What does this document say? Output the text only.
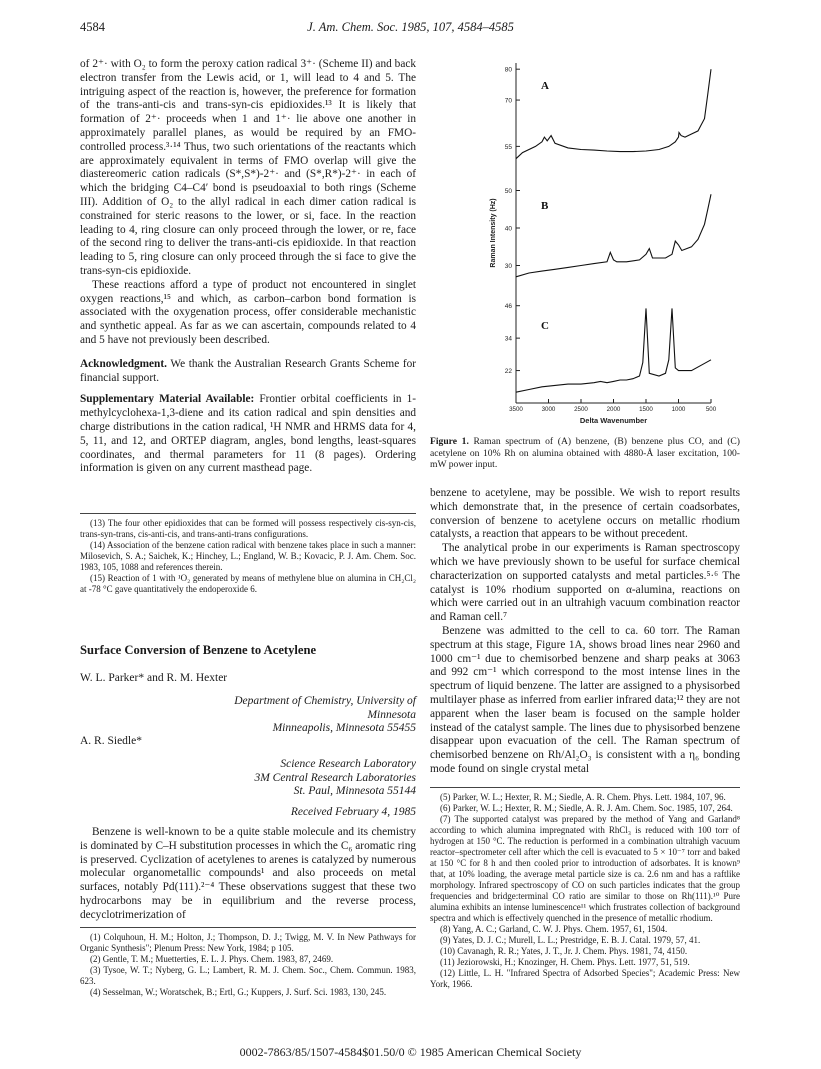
4584	J. Am. Chem. Soc. 1985, 107, 4584–4585

of 2⁺· with O₂ to form the peroxy cation radical 3⁺· (Scheme II) and back electron transfer from the Lewis acid, or 1, will lead to 4 and 5. The intriguing aspect of the reaction is, however, the preference for formation of the trans-anti-cis and trans-syn-cis epidioxides.¹³ It is likely that formation of 2⁺· proceeds when 1 and 1⁺· lie above one another in approximately parallel planes, as would be required by an FMO-controlled process.³·¹⁴ Thus, two such orientations of the reactants which are approximately equivalent in terms of FMO overlap will give the diastereomeric cation radicals (S*,S*)-2⁺· and (S*,R*)-2⁺· in each of which the bridging C4–C4′ bond is pseudoaxial to both rings (Scheme III). Addition of O₂ to the allyl radical in each dimer cation radical is constrained for steric reasons to the lower, or si, face. In the reaction leading to 4, ring closure can only proceed through the lower, or re, face of the second ring to deliver the trans-anti-cis epidioxide. In that reaction leading to 5, ring closure can only proceed through the si face to give the trans-syn-cis epidioxide.

These reactions afford a type of product not encountered in singlet oxygen reactions,¹⁵ and which, as carbon–carbon bond formation is associated with the oxygenation process, offer considerable mechanistic and synthetic appeal. As far as we can ascertain, compounds related to 4 and 5 have not previously been described.

Acknowledgment. We thank the Australian Research Grants Scheme for financial support.

Supplementary Material Available: Frontier orbital coefficients in 1-methylcyclohexa-1,3-diene and its cation radical and spin densities and charge distributions in the cation radical, ¹H NMR and HRMS data for 4, 5, 11, and 12, and ORTEP diagram, angles, bond lengths, least-squares coordinates, and thermal parameters for 11 (8 pages). Ordering information is given on any current masthead page.

(13) The four other epidioxides that can be formed will possess respectively cis-syn-cis, trans-syn-trans, cis-anti-cis, and trans-anti-trans configurations.

(14) Association of the benzene cation radical with benzene takes place in such a manner: Milosevich, S. A.; Saichek, K.; Hinchey, L.; England, W. B.; Kovacic, P. J. Am. Chem. Soc. 1983, 105, 1088 and references therein.

(15) Reaction of 1 with ¹O₂ generated by means of methylene blue on alumina in CH₂Cl₂ at -78 °C gave quantitatively the endoperoxide 6.

Surface Conversion of Benzene to Acetylene
W. L. Parker* and R. M. Hexter
Department of Chemistry, University of Minnesota
Minneapolis, Minnesota 55455
A. R. Siedle*
Science Research Laboratory
3M Central Research Laboratories
St. Paul, Minnesota 55144
Received February 4, 1985

Benzene is well-known to be a quite stable molecule and its chemistry is dominated by C–H substitution processes in which the C₆ aromatic ring is preserved. Cyclization of acetylenes to arenes is catalyzed by numerous molecular organometallic compounds¹ and also proceeds on metal surfaces, notably Pd(111).²⁻⁴ These observations suggest that these two hydrocarbons may be in equilibrium and the reverse process, decyclotrimerization of

(1) Colquhoun, H. M.; Holton, J.; Thompson, D. J.; Twigg, M. V. In New Pathways for Organic Synthesis"; Plenum Press: New York, 1984; p 105.

(2) Gentle, T. M.; Muetterties, E. L. J. Phys. Chem. 1983, 87, 2469.

(3) Tysoe, W. T.; Nyberg, G. L.; Lambert, R. M. J. Chem. Soc., Chem. Commun. 1983, 623.

(4) Sesselman, W.; Woratschek, B.; Ertl, G.; Kuppers, J. Surf. Sci. 1983, 130, 245.

55
70
80
A
30
40
50
B
22
34
46
C
3500	3000	2500	2000	1500	1000	500
Delta Wavenumber
Raman Intensity (Hz)
Figure 1. Raman spectrum of (A) benzene, (B) benzene plus CO, and (C) acetylene on 10% Rh on alumina obtained with 4880-Å laser excitation, 100-mW power input.

benzene to acetylene, may be possible. We wish to report results which demonstrate that, in the presence of certain coadsorbates, conversion of benzene to acetylene occurs on metallic rhodium catalysts, a reaction that appears to be without precedent.

The analytical probe in our experiments is Raman spectroscopy which we have previously shown to be useful for surface chemical characterization on supported catalysts and metal particles.⁵·⁶ The catalyst is 10% rhodium supported on α-alumina, reactions on which were carried out in an ultrahigh vacuum combination reactor and Raman cell.⁷

Benzene was admitted to the cell to ca. 60 torr. The Raman spectrum at this stage, Figure 1A, shows broad lines near 2960 and 1000 cm⁻¹ due to chemisorbed benzene and sharp peaks at 3063 and 992 cm⁻¹ which correspond to the most intense lines in the spectrum of liquid benzene. The latter are assigned to a physisorbed multilayer phase as inferred from earlier infrared data;¹² they are not apparent when the laser beam is focused on the sample holder instead of the catalyst sample. The lines due to physisorbed benzene disappear upon evacuation of the cell. The Raman spectrum of chemisorbed benzene on Rh/Al₂O₃ is consistent with a η₆ bonding mode found on single crystal metal

(5) Parker, W. L.; Hexter, R. M.; Siedle, A. R. Chem. Phys. Lett. 1984, 107, 96.

(6) Parker, W. L.; Hexter, R. M.; Siedle, A. R. J. Am. Chem. Soc. 1985, 107, 264.

(7) The supported catalyst was prepared by the method of Yang and Garland⁸ according to which alumina impregnated with RhCl₃ is reduced with 100 torr of hydrogen at 150 °C. The reduction is performed in a combination ultrahigh vacuum reactor–spectrometer cell after which the cell is evacuated to 5 × 10⁻⁷ torr and baked at 150 °C for 8 h and then cooled prior to introduction of adsorbates. It is known⁹ that, at 10% loading, the average metal particle size is ca. 2.6 nm and has a raftlike morphology. Infrared spectroscopy of CO on such particles indicates that the group frequencies and bridge:terminal CO ratio are similar to those on Rh(111).¹⁰ Pure alumina exhibits an intense luminescence¹¹ which frustrates collection of background spectra and which is effectively quenched in the presence of metallic rhodium.

(8) Yang, A. C.; Garland, C. W. J. Phys. Chem. 1957, 61, 1504.

(9) Yates, D. J. C.; Murell, L. L.; Prestridge, E. B. J. Catal. 1979, 57, 41.

(10) Cavanagh, R. R.; Yates, J. T., Jr. J. Chem. Phys. 1981, 74, 4150.

(11) Jeziorowski, H.; Knozinger, H. Chem. Phys. Lett. 1977, 51, 519.

(12) Little, L. H. "Infrared Spectra of Adsorbed Species"; Academic Press: New York, 1966.

0002-7863/85/1507-4584$01.50/0 © 1985 American Chemical Society
